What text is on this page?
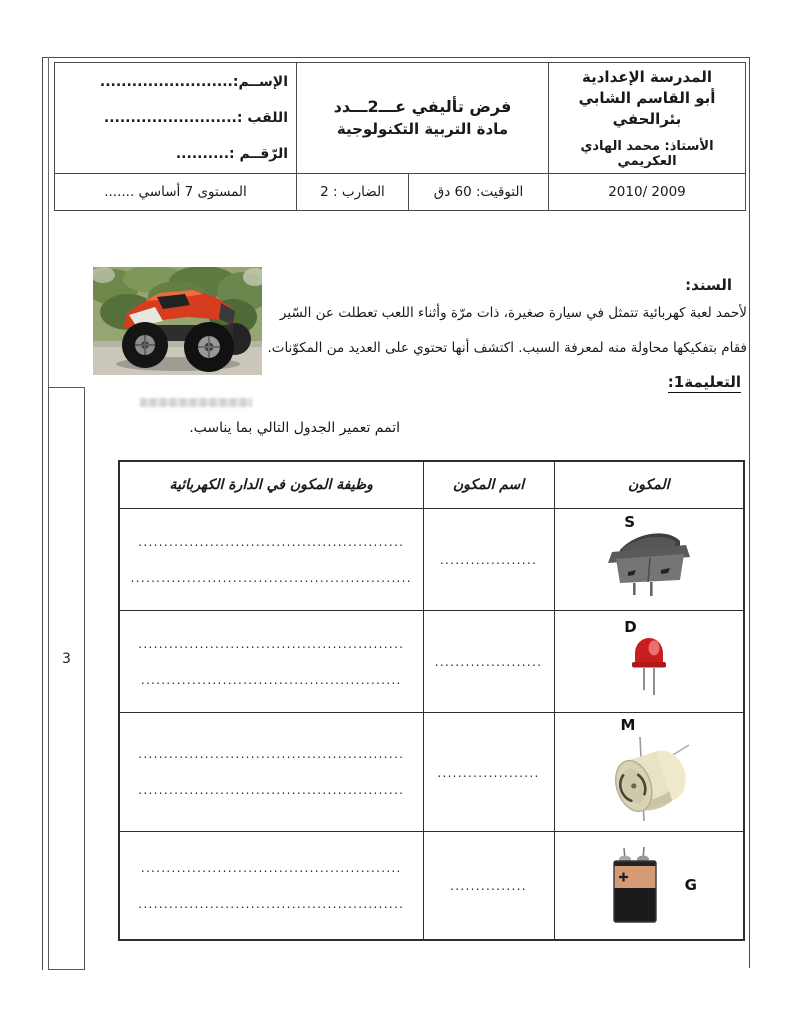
المدرسة الإعدادية
أبو القاسم الشابي بئرالحفي
الأستاذ: محمد الهادي العكريمي

فرض تأليفي عـــ2ـــدد
مادة التربية التكنولوجية

الإســم:.........................
اللقب :.........................
الرّقــم :..........

2010/ 2009	التوقيت: 60 دق	الضارب : 2	المستوى 7 أساسي .......
3
السند:
لأحمد لعبة كهربائية تتمثل في سيارة صغيرة، ذات مرّة وأثناء اللعب تعطلت عن السّير
فقام بتفكيكها محاولة منه لمعرفة السبب. اكتشف أنها تحتوي على العديد من المكوّنات.
التعليمة1:
اتمم تعمير الجدول التالي بما يناسب.
المكون	اسم المكون	وظيفة المكون في الدارة الكهربائية

S	...................	....................................................
.......................................................

D	.....................	....................................................
...................................................

M	....................	....................................................
....................................................

G	...............	...................................................
....................................................
